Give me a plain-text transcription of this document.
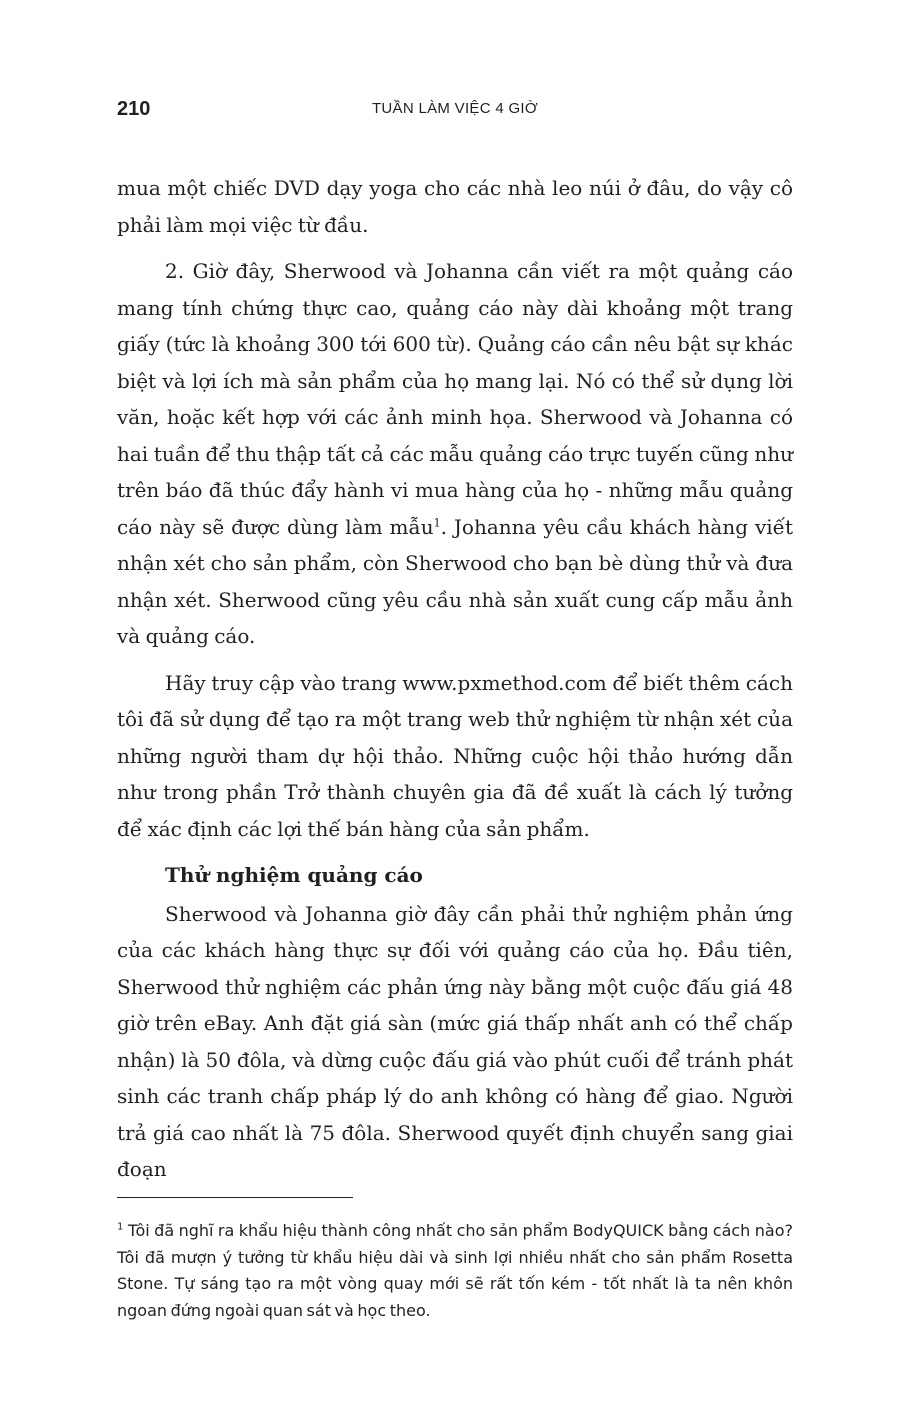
210	TUẦN LÀM VIỆC 4 GIỜ

mua một chiếc DVD dạy yoga cho các nhà leo núi ở đâu, do vậy cô phải làm mọi việc từ đầu.

2. Giờ đây, Sherwood và Johanna cần viết ra một quảng cáo mang tính chứng thực cao, quảng cáo này dài khoảng một trang giấy (tức là khoảng 300 tới 600 từ). Quảng cáo cần nêu bật sự khác biệt và lợi ích mà sản phẩm của họ mang lại. Nó có thể sử dụng lời văn, hoặc kết hợp với các ảnh minh họa. Sherwood và Johanna có hai tuần để thu thập tất cả các mẫu quảng cáo trực tuyến cũng như trên báo đã thúc đẩy hành vi mua hàng của họ - những mẫu quảng cáo này sẽ được dùng làm mẫu$^1$. Johanna yêu cầu khách hàng viết nhận xét cho sản phẩm, còn Sherwood cho bạn bè dùng thử và đưa nhận xét. Sherwood cũng yêu cầu nhà sản xuất cung cấp mẫu ảnh và quảng cáo.

Hãy truy cập vào trang www.pxmethod.com để biết thêm cách tôi đã sử dụng để tạo ra một trang web thử nghiệm từ nhận xét của những người tham dự hội thảo. Những cuộc hội thảo hướng dẫn như trong phần Trở thành chuyên gia đã đề xuất là cách lý tưởng để xác định các lợi thế bán hàng của sản phẩm.

Thử nghiệm quảng cáo

Sherwood và Johanna giờ đây cần phải thử nghiệm phản ứng của các khách hàng thực sự đối với quảng cáo của họ. Đầu tiên, Sherwood thử nghiệm các phản ứng này bằng một cuộc đấu giá 48 giờ trên eBay. Anh đặt giá sàn (mức giá thấp nhất anh có thể chấp nhận) là 50 đôla, và dừng cuộc đấu giá vào phút cuối để tránh phát sinh các tranh chấp pháp lý do anh không có hàng để giao. Người trả giá cao nhất là 75 đôla. Sherwood quyết định chuyển sang giai đoạn

$^1$ Tôi đã nghĩ ra khẩu hiệu thành công nhất cho sản phẩm BodyQUICK bằng cách nào? Tôi đã mượn ý tưởng từ khẩu hiệu dài và sinh lợi nhiều nhất cho sản phẩm Rosetta Stone. Tự sáng tạo ra một vòng quay mới sẽ rất tốn kém - tốt nhất là ta nên khôn ngoan đứng ngoài quan sát và học theo.
